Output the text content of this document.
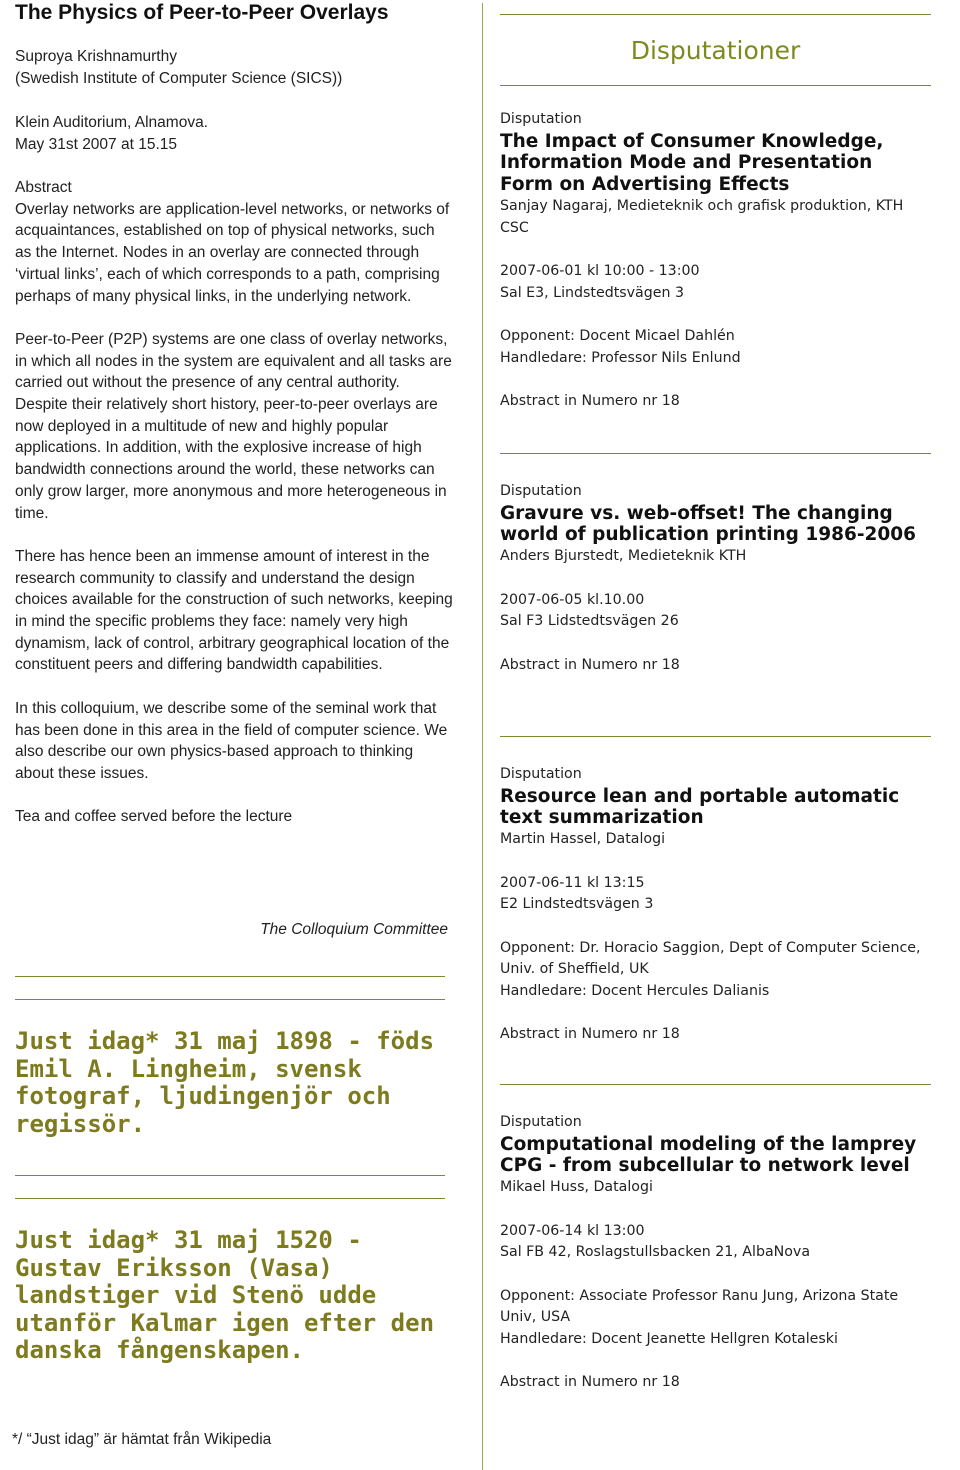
The Physics of Peer-to-Peer Overlays
Suproya Krishnamurthy
(Swedish Institute of Computer Science (SICS))
Klein Auditorium, Alnamova.
May 31st 2007 at 15.15

Abstract

Overlay networks are application-level networks, or networks of acquaintances, established on top of physical networks, such as the Internet. Nodes in an overlay are connected through ‘virtual links’, each of which corresponds to a path, comprising perhaps of many physical links, in the underlying network.

Peer-to-Peer (P2P) systems are one class of overlay networks, in which all nodes in the system are equivalent and all tasks are carried out without the presence of any central authority. Despite their relatively short history, peer-to-peer overlays are now deployed in a multitude of new and highly popular applications. In addition, with the explosive increase of high bandwidth connections around the world, these networks can only grow larger, more anonymous and more heterogeneous in time.

There has hence been an immense amount of interest in the research community to classify and understand the design choices available for the construction of such networks, keeping in mind the specific problems they face: namely very high dynamism, lack of control, arbitrary geographical location of the constituent peers and differing bandwidth capabilities.

In this colloquium, we describe some of the seminal work that has been done in this area in the field of computer science. We also describe our own physics-based approach to thinking about these issues.

Tea and coffee served before the lecture

The Colloquium Committee

Just idag* 31 maj 1898 - föds Emil A. Lingheim, svensk fotograf, ljudingenjör och regissör.

Just idag* 31 maj 1520 - Gustav Eriksson (Vasa) landstiger vid Stenö udde utanför Kalmar igen efter den danska fångenskapen.

*/ “Just idag” är hämtat från Wikipedia
Disputationer

Disputation

The Impact of Consumer Knowledge, Information Mode and Presentation Form on Advertising Effects

Sanjay Nagaraj, Medieteknik och grafisk produktion, KTH CSC

2007-06-01 kl 10:00 - 13:00

Sal E3, Lindstedtsvägen 3

Opponent: Docent Micael Dahlén

Handledare: Professor Nils Enlund

Abstract in Numero nr 18

Disputation

Gravure vs. web-offset! The changing world of publication printing 1986-2006

Anders Bjurstedt, Medieteknik KTH

2007-06-05 kl.10.00

Sal F3 Lidstedtsvägen 26

Abstract in Numero nr 18

Disputation

Resource lean and portable automatic text summarization

Martin Hassel, Datalogi

2007-06-11 kl 13:15

E2 Lindstedtsvägen 3

Opponent: Dr. Horacio Saggion, Dept of Computer Science, Univ. of Sheffield, UK

Handledare: Docent Hercules Dalianis

Abstract in Numero nr 18

Disputation

Computational modeling of the lamprey CPG - from subcellular to network level

Mikael Huss, Datalogi

2007-06-14 kl 13:00

Sal FB 42, Roslagstullsbacken 21, AlbaNova

Opponent: Associate Professor Ranu Jung, Arizona State Univ, USA

Handledare: Docent Jeanette Hellgren Kotaleski

Abstract in Numero nr 18
